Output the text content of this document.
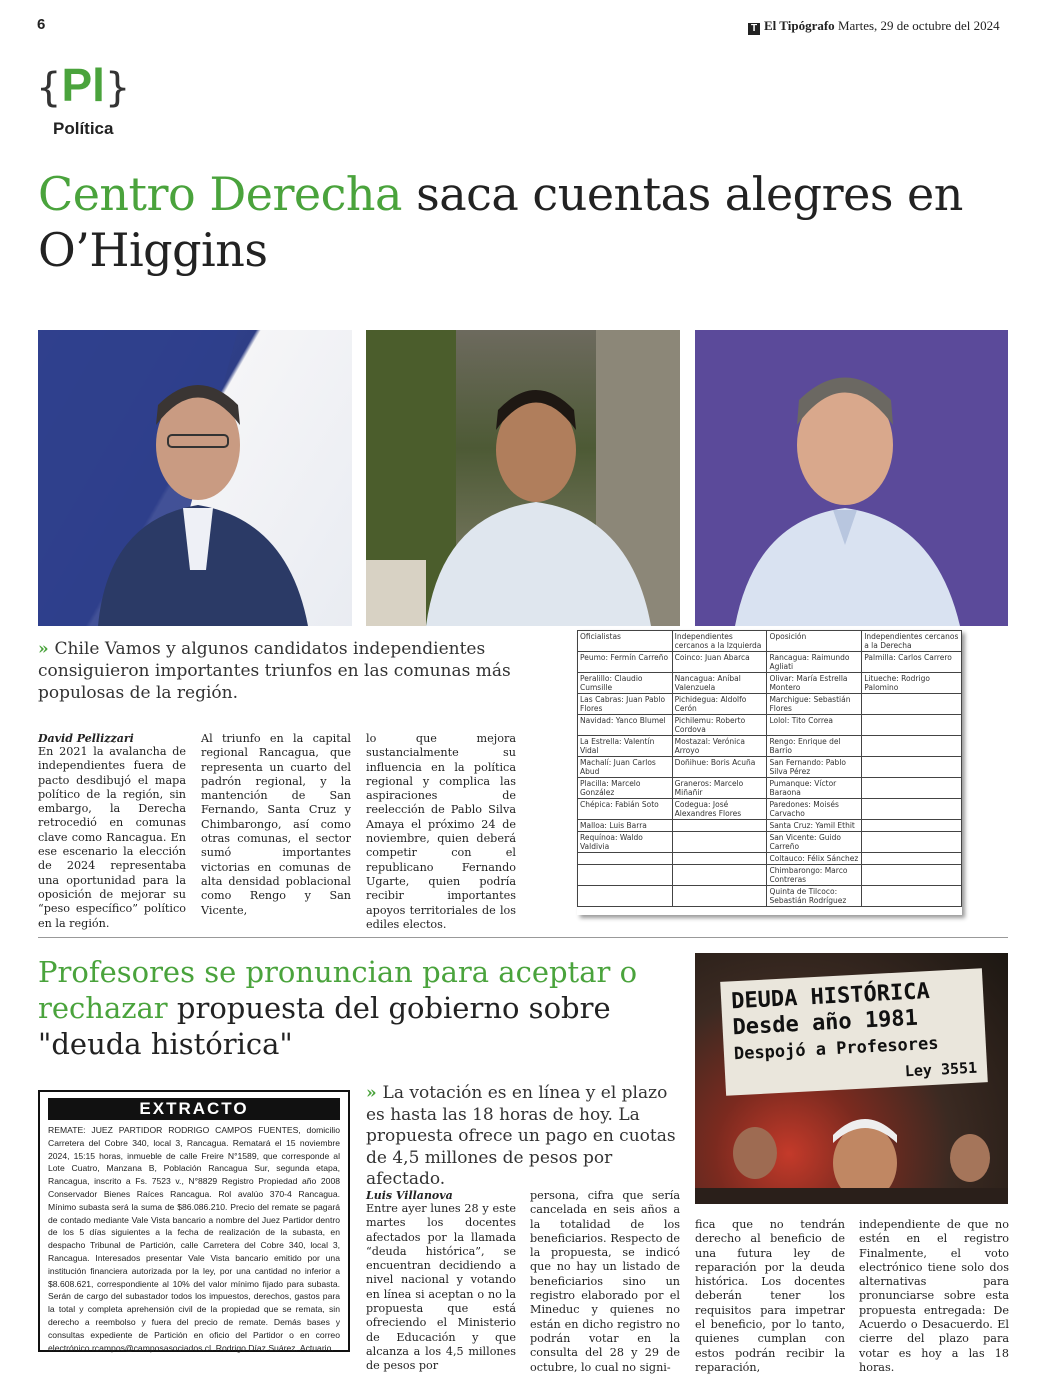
6	T El Tipógrafo Martes, 29 de octubre del 2024
{Pl}
Política
Centro Derecha saca cuentas alegres en O’Higgins
» Chile Vamos y algunos candidatos independientes consiguieron importantes triunfos en las comunas más populosas de la región.
David Pellizzari
En 2021 la avalancha de independientes fuera de pacto desdibujó el mapa político de la región, sin embargo, la Derecha retrocedió en comunas clave como Rancagua. En ese escenario la elección de 2024 representaba una oportunidad para la oposición de mejorar su “peso específico” político en la región.
Al triunfo en la capital regional Rancagua, que representa un cuarto del padrón regional, y la mantención de San Fernando, Santa Cruz y Chimbarongo, así como otras comunas, el sector sumó importantes victorias en comunas de alta densidad poblacional como Rengo y San Vicente,
lo que mejora sustancialmente su influencia en la política regional y complica las aspiraciones de reelección de Pablo Silva Amaya el próximo 24 de noviembre, quien deberá competir con el republicano Fernando Ugarte, quien podría recibir importantes apoyos territoriales de los ediles electos.
Oficialistas	Independientes cercanos a la Izquierda	Oposición	Independientes cercanos a la Derecha
Peumo: Fermín Carreño	Coinco: Juan Abarca	Rancagua: Raimundo Agliati	Palmilla: Carlos Carrero
Peralillo: Claudio Cumsille	Nancagua: Aníbal Valenzuela	Olivar: María Estrella Montero	Litueche: Rodrigo Palomino
Las Cabras: Juan Pablo Flores	Pichidegua: Aldolfo Cerón	Marchigue: Sebastián Flores	
Navidad: Yanco Blumel	Pichilemu: Roberto Cordova	Lolol: Tito Correa	
La Estrella: Valentín Vidal	Mostazal: Verónica Arroyo	Rengo: Enrique del Barrio	
Machalí: Juan Carlos Abud	Doñihue: Boris Acuña	San Fernando: Pablo Silva Pérez	
Placilla: Marcelo González	Graneros: Marcelo Miñañir	Pumanque: Víctor Baraona	
Chépica: Fabián Soto	Codegua: José Alexandres Flores	Paredones: Moisés Carvacho	
Malloa: Luis Barra		Santa Cruz: Yamil Ethit	
Requínoa: Waldo Valdivia		San Vicente: Guido Carreño	
		Coltauco: Félix Sánchez	
		Chimbarongo: Marco Contreras	
		Quinta de Tilcoco: Sebastián Rodríguez	
Profesores se pronuncian para aceptar o rechazar propuesta del gobierno sobre "deuda histórica"
DEUDA HISTÓRICA
Desde año 1981
Despojó a Profesores
Ley 3551
EXTRACTO
REMATE: JUEZ PARTIDOR RODRIGO CAMPOS FUENTES, domicilio Carretera del Cobre 340, local 3, Rancagua. Rematará el 15 noviembre 2024, 15:15 horas, inmueble de calle Freire N°1589, que corresponde al Lote Cuatro, Manzana B, Población Rancagua Sur, segunda etapa, Rancagua, inscrito a Fs. 7523 v., N°8829 Registro Propiedad año 2008 Conservador Bienes Raíces Rancagua. Rol avalúo 370-4 Rancagua. Mínimo subasta será la suma de $86.086.210. Precio del remate se pagará de contado mediante Vale Vista bancario a nombre del Juez Partidor dentro de los 5 días siguientes a la fecha de realización de la subasta, en despacho Tribunal de Partición, calle Carretera del Cobre 340, local 3, Rancagua. Interesados presentar Vale Vista bancario emitido por una institución financiera autorizada por la ley, por una cantidad no inferior a $8.608.621, correspondiente al 10% del valor mínimo fijado para subasta. Serán de cargo del subastador todos los impuestos, derechos, gastos para la total y completa aprehensión civil de la propiedad que se remata, sin derecho a reembolso y fuera del precio de remate. Demás bases y consultas expediente de Partición en oficio del Partidor o en correo electrónico rcampos@camposasociados.cl. Rodrigo Díaz Suárez. Actuario.
» La votación es en línea y el plazo es hasta las 18 horas de hoy. La propuesta ofrece un pago en cuotas de 4,5 millones de pesos por afectado.
Luis Villanova
Entre ayer lunes 28 y este martes los docentes afectados por la llamada “deuda histórica”, se encuentran decidiendo a nivel nacional y votando en línea si aceptan o no la propuesta que está ofreciendo el Ministerio de Educación y que alcanza a los 4,5 millones de pesos por
persona, cifra que sería cancelada en seis años a la totalidad de los beneficiarios. Respecto de la propuesta, se indicó que no hay un listado de beneficiarios sino un registro elaborado por el Mineduc y quienes no están en dicho registro no podrán votar en la consulta del 28 y 29 de octubre, lo cual no signi-
fica que no tendrán derecho al beneficio de una futura ley de reparación por la deuda histórica. Los docentes deberán tener los requisitos para impetrar el beneficio, por lo tanto, quienes cumplan con estos podrán recibir la reparación,
independiente de que no estén en el registro Finalmente, el voto electrónico tiene solo dos alternativas para pronunciarse sobre esta propuesta entregada: De Acuerdo o Desacuerdo. El cierre del plazo para votar es hoy a las 18 horas.
